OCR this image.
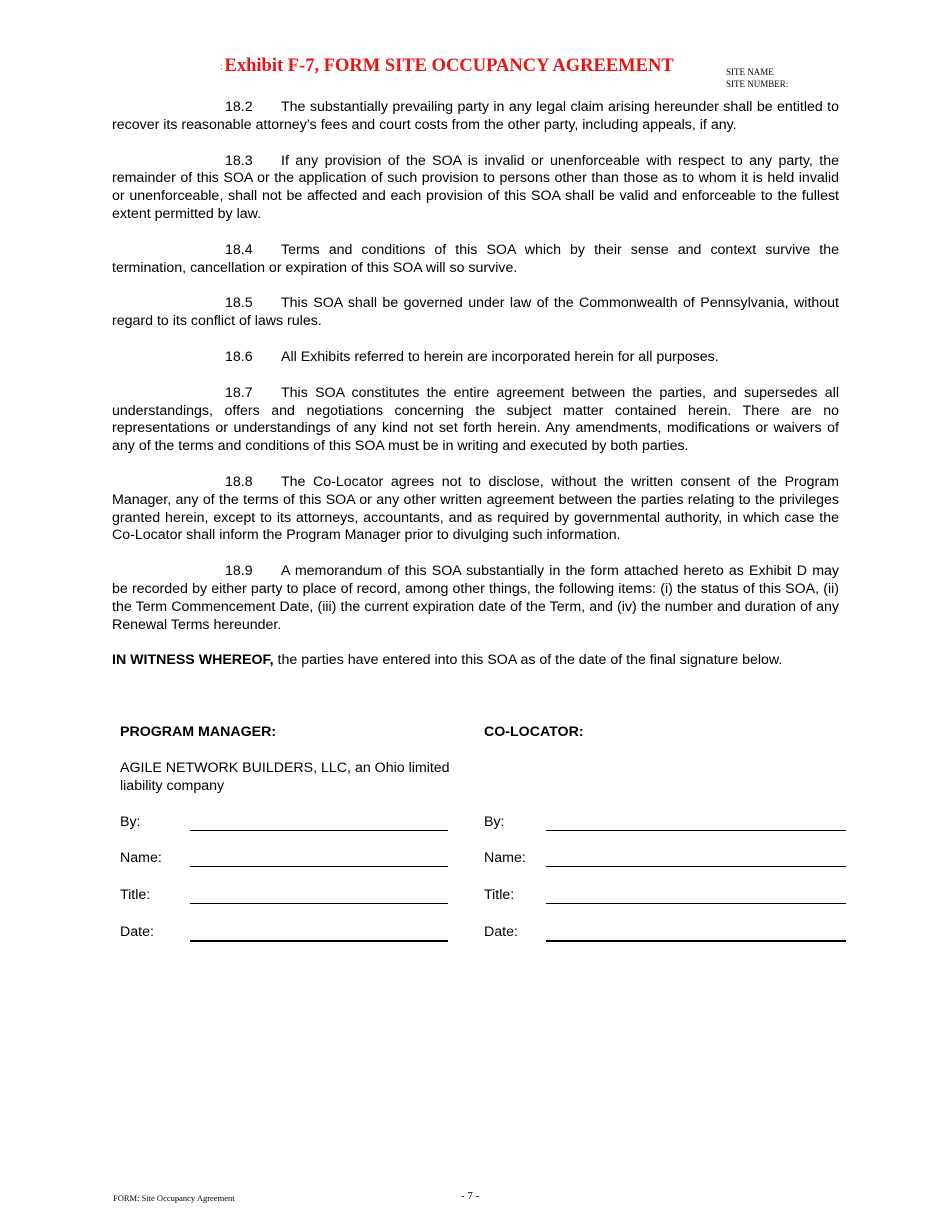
: Exhibit F-7, FORM SITE OCCUPANCY AGREEMENT	SITE NAME
SITE NUMBER:

18.2 The substantially prevailing party in any legal claim arising hereunder shall be entitled to recover its reasonable attorney’s fees and court costs from the other party, including appeals, if any.

18.3 If any provision of the SOA is invalid or unenforceable with respect to any party, the remainder of this SOA or the application of such provision to persons other than those as to whom it is held invalid or unenforceable, shall not be affected and each provision of this SOA shall be valid and enforceable to the fullest extent permitted by law.

18.4 Terms and conditions of this SOA which by their sense and context survive the termination, cancellation or expiration of this SOA will so survive.

18.5 This SOA shall be governed under law of the Commonwealth of Pennsylvania, without regard to its conflict of laws rules.

18.6 All Exhibits referred to herein are incorporated herein for all purposes.

18.7 This SOA constitutes the entire agreement between the parties, and supersedes all understandings, offers and negotiations concerning the subject matter contained herein. There are no representations or understandings of any kind not set forth herein. Any amendments, modifications or waivers of any of the terms and conditions of this SOA must be in writing and executed by both parties.

18.8 The Co-Locator agrees not to disclose, without the written consent of the Program Manager, any of the terms of this SOA or any other written agreement between the parties relating to the privileges granted herein, except to its attorneys, accountants, and as required by governmental authority, in which case the Co-Locator shall inform the Program Manager prior to divulging such information.

18.9 A memorandum of this SOA substantially in the form attached hereto as Exhibit D may be recorded by either party to place of record, among other things, the following items: (i) the status of this SOA, (ii) the Term Commencement Date, (iii) the current expiration date of the Term, and (iv) the number and duration of any Renewal Terms hereunder.

IN WITNESS WHEREOF, the parties have entered into this SOA as of the date of the final signature below.

PROGRAM MANAGER:

AGILE NETWORK BUILDERS, LLC, an Ohio limited liability company
By:
Name:
Title:
Date:

CO-LOCATOR:

By:
Name:
Title:
Date:
FORM: Site Occupancy Agreement	- 7 -
